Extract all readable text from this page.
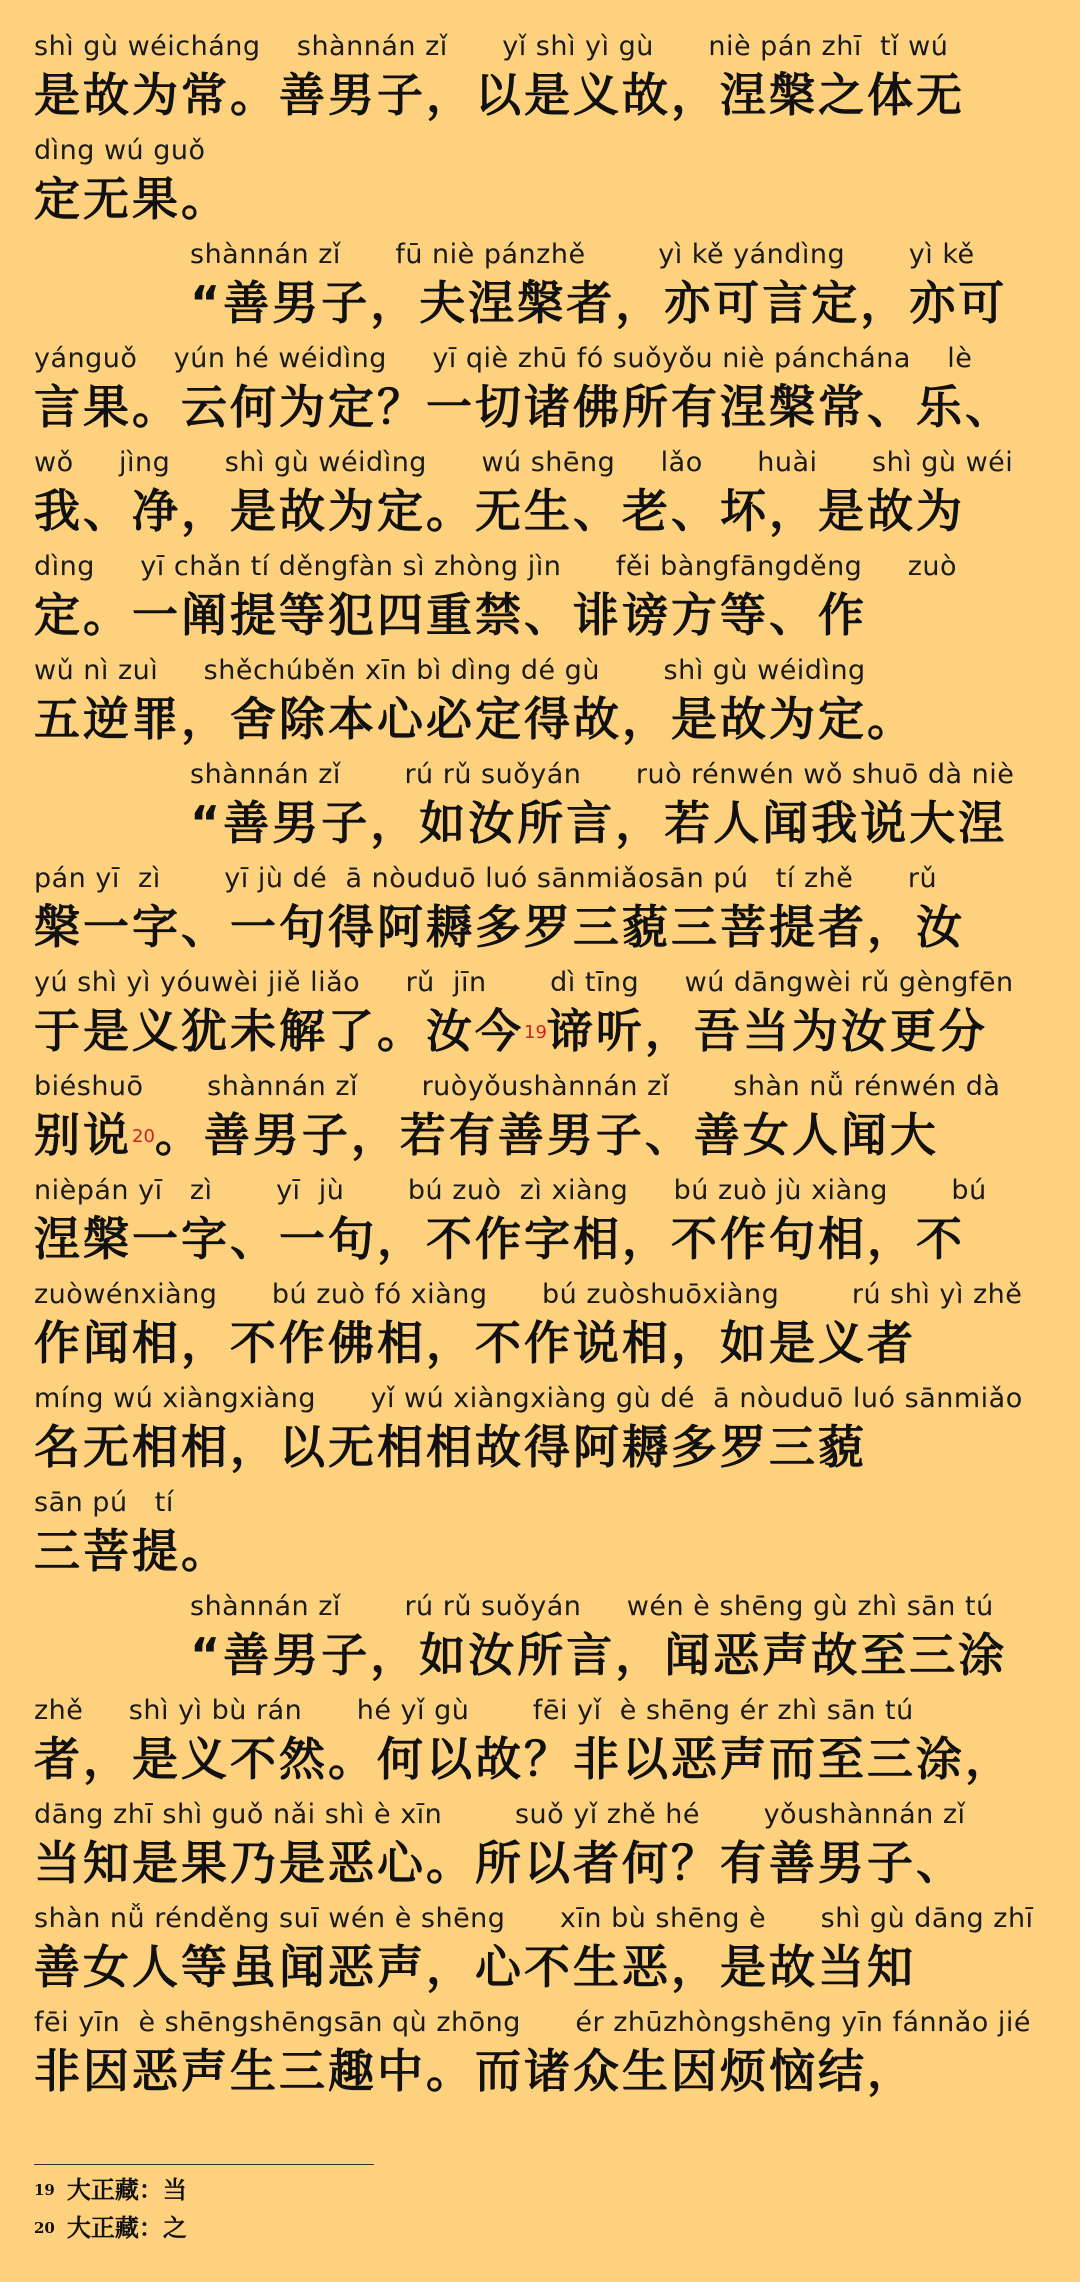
shì gù wéicháng    shànnán zǐ      yǐ shì yì gù      niè pán zhī  tǐ wú
是故为常。善男子，以是义故，涅槃之体无
dìng wú guǒ
定无果。
shànnán zǐ      fū niè pánzhě        yì kě yándìng       yì kě
“善男子，夫涅槃者，亦可言定，亦可
yánguǒ    yún hé wéidìng     yī qiè zhū fó suǒyǒu niè pánchána    lè
言果。云何为定？一切诸佛所有涅槃常、乐、
wǒ     jìng      shì gù wéidìng      wú shēng     lǎo      huài      shì gù wéi
我、净，是故为定。无生、老、坏，是故为
dìng     yī chǎn tí děngfàn sì zhòng jìn      fěi bàngfāngděng     zuò
定。一阐提等犯四重禁、诽谤方等、作
wǔ nì zuì     shěchúběn xīn bì dìng dé gù       shì gù wéidìng
五逆罪，舍除本心必定得故，是故为定。
shànnán zǐ       rú rǔ suǒyán      ruò rénwén wǒ shuō dà niè
“善男子，如汝所言，若人闻我说大涅
pán yī  zì       yī jù dé  ā nòuduō luó sānmiǎosān pú   tí zhě      rǔ
槃一字、一句得阿耨多罗三藐三菩提者，汝
yú shì yì yóuwèi jiě liǎo     rǔ  jīn       dì tīng     wú dāngwèi rǔ gèngfēn
于是义犹未解了。汝今$^{19}$谛听，吾当为汝更分
biéshuō       shànnán zǐ       ruòyǒushànnán zǐ       shàn nǚ rénwén dà
别说$^{20}$。善男子，若有善男子、善女人闻大
nièpán yī   zì       yī  jù       bú zuò  zì xiàng     bú zuò jù xiàng       bú
涅槃一字、一句，不作字相，不作句相，不
zuòwénxiàng      bú zuò fó xiàng      bú zuòshuōxiàng        rú shì yì zhě
作闻相，不作佛相，不作说相，如是义者
míng wú xiàngxiàng      yǐ wú xiàngxiàng gù dé  ā nòuduō luó sānmiǎo
名无相相，以无相相故得阿耨多罗三藐
sān pú   tí
三菩提。
shànnán zǐ       rú rǔ suǒyán     wén è shēng gù zhì sān tú
“善男子，如汝所言，闻恶声故至三涂
zhě     shì yì bù rán      hé yǐ gù       fēi yǐ  è shēng ér zhì sān tú
者，是义不然。何以故？非以恶声而至三涂，
dāng zhī shì guǒ nǎi shì è xīn        suǒ yǐ zhě hé       yǒushànnán zǐ
当知是果乃是恶心。所以者何？有善男子、
shàn nǚ rénděng suī wén è shēng      xīn bù shēng è      shì gù dāng zhī
善女人等虽闻恶声，心不生恶，是故当知
fēi yīn  è shēngshēngsān qù zhōng      ér zhūzhòngshēng yīn fánnǎo jié
非因恶声生三趣中。而诸众生因烦恼结，
$^{19}$ 大正藏：当
$^{20}$ 大正藏：之
